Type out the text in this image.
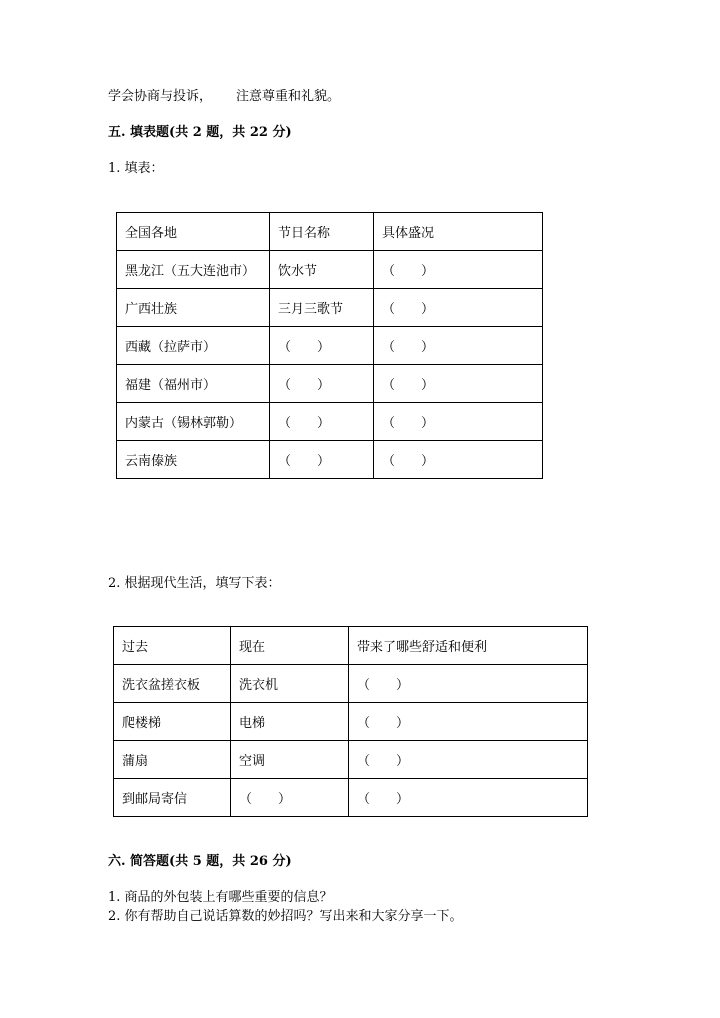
学会协商与投诉， 注意尊重和礼貌。
五. 填表题(共 2 题，共 22 分)
1. 填表：
全国各地	节日名称	具体盛况
黑龙江（五大连池市）	饮水节	（　　）
广西壮族	三月三歌节	（　　）
西藏（拉萨市）	（　　）	（　　）
福建（福州市）	（　　）	（　　）
内蒙古（锡林郭勒）	（　　）	（　　）
云南傣族	（　　）	（　　）
2. 根据现代生活，填写下表：
过去	现在	带来了哪些舒适和便利
洗衣盆搓衣板	洗衣机	（　　）
爬楼梯	电梯	（　　）
蒲扇	空调	（　　）
到邮局寄信	（　　）	（　　）
六. 简答题(共 5 题，共 26 分)
1. 商品的外包装上有哪些重要的信息？
2. 你有帮助自己说话算数的妙招吗？写出来和大家分享一下。
